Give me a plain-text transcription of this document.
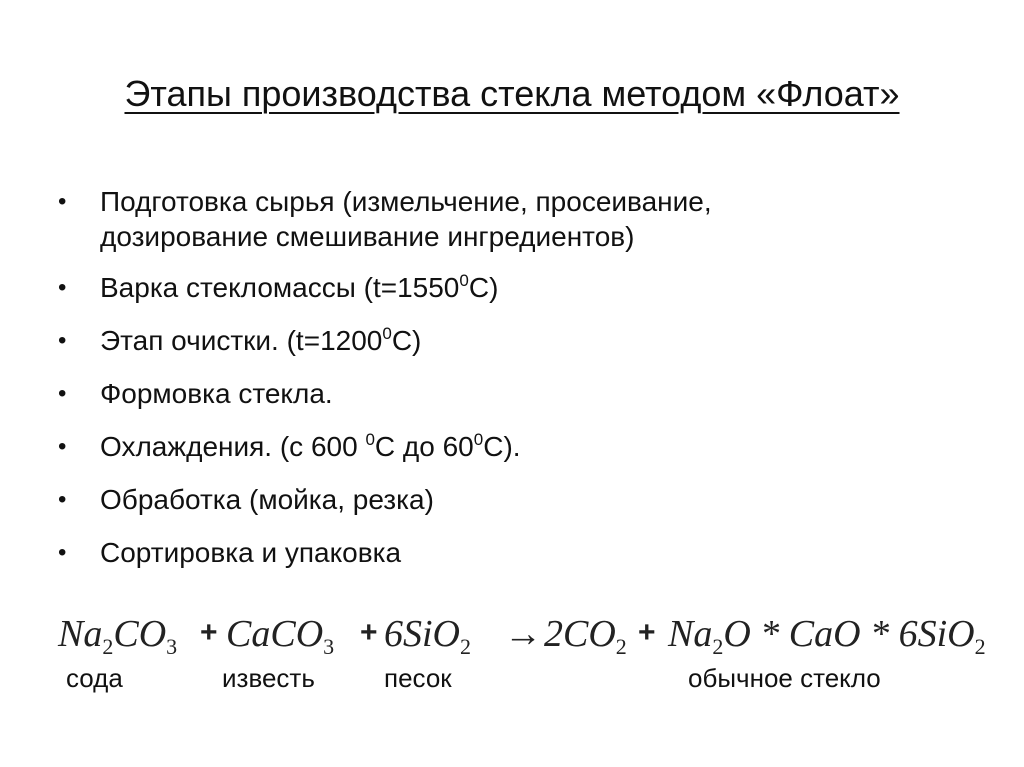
Этапы производства стекла методом «Флоат»
• Подготовка сырья (измельчение, просеивание,
дозирование смешивание ингредиентов)
• Варка стекломассы $(t=1550^0С)$
• Этап очистки. $(t=1200^0С)$
• Формовка стекла.
• Охлаждения. (с 600 $^0$С до $60^0С$).
• Обработка (мойка, резка)
• Сортировка и упаковка
$Na_2CO_3$ + CaCO$_3$ + $6SiO_2 \to 2CO_2 + Na_2O$ * CaO * 6SiO$_2$
сода	известь	песок	обычное стекло
